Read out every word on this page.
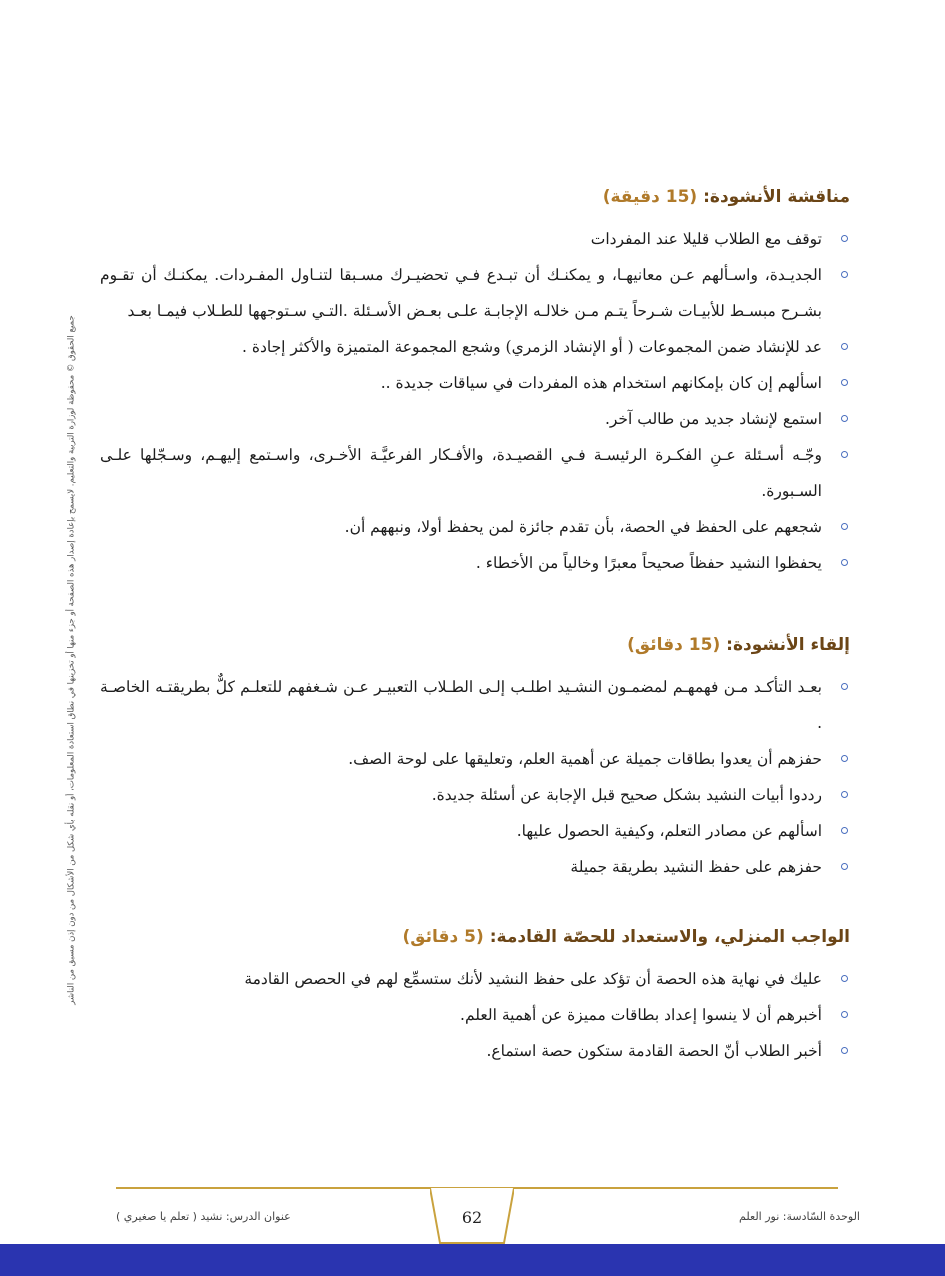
جميع الحقوق © محفوظة لوزارة التربية والتعليم. لايسمح بإعادة إصدار هذه الصفحة أو جزء منها أو تخزينها في نطاق استعادة المعلومات، أو نقله بأي شكل من الأشكال من دون إذن مسبق من الناشر
مناقشة الأنشودة: (15 دقيقة)
توقف مع الطلاب قليلا عند المفردات
الجديـدة، واسـألهم عـن معانيهـا، و يمكنـك أن تبـدع فـي تحضيـرك مسـبقا لتنـاول المفـردات. يمكنـك أن تقـوم بشـرح مبسـط للأبيـات شـرحاً يتـم مـن خلالـه الإجابـة علـى بعـض الأسـئلة .التـي سـتوجهها للطـلاب فيمـا بعـد
عد للإنشاد ضمن المجموعات ( أو الإنشاد الزمري) وشجع المجموعة المتميزة والأكثر إجادة .
اسألهم إن كان بإمكانهم استخدام هذه المفردات في سياقات جديدة ..
استمع لإنشاد جديد من طالب آخر.
وجّـه أسـئلة عـنِ الفكـرة الرئيسـة فـي القصيـدة، والأفـكار الفرعيَّـة الأخـرى، واسـتمع إليهـم، وسـجّلها علـى السـبورة.
شجعهم على الحفظ في الحصة، بأن تقدم جائزة لمن يحفظ أولا، ونبههم أن.
يحفظوا النشيد حفظاً صحيحاً معبرًا وخالياً من الأخطاء .
إلقاء الأنشودة: (15 دقائق)
بعـد التأكـد مـن فهمهـم لمضمـون النشـيد اطلـب إلـى الطـلاب التعبيـر عـن شـغفهم للتعلـم كلٌّ بطريقتـه الخاصـة .
حفزهم أن يعدوا بطاقات جميلة عن أهمية العلم، وتعليقها على لوحة الصف.
رددوا أبيات النشيد بشكل صحيح قبل الإجابة عن أسئلة جديدة.
اسألهم عن مصادر التعلم، وكيفية الحصول عليها.
حفزهم على حفظ النشيد بطريقة جميلة
الواجب المنزلي، والاستعداد للحصّة القادمة: (5 دقائق)
عليك في نهاية هذه الحصة أن تؤكد على حفظ النشيد لأنك ستسمِّع لهم في الحصص القادمة
أخبرهم أن لا ينسوا إعداد بطاقات مميزة عن أهمية العلم.
أخبر الطلاب أنّ الحصة القادمة ستكون حصة استماع.
62	الوحدة السّادسة: نور العلم
عنوان الدرس: نشيد ( تعلم يا صغيري )
